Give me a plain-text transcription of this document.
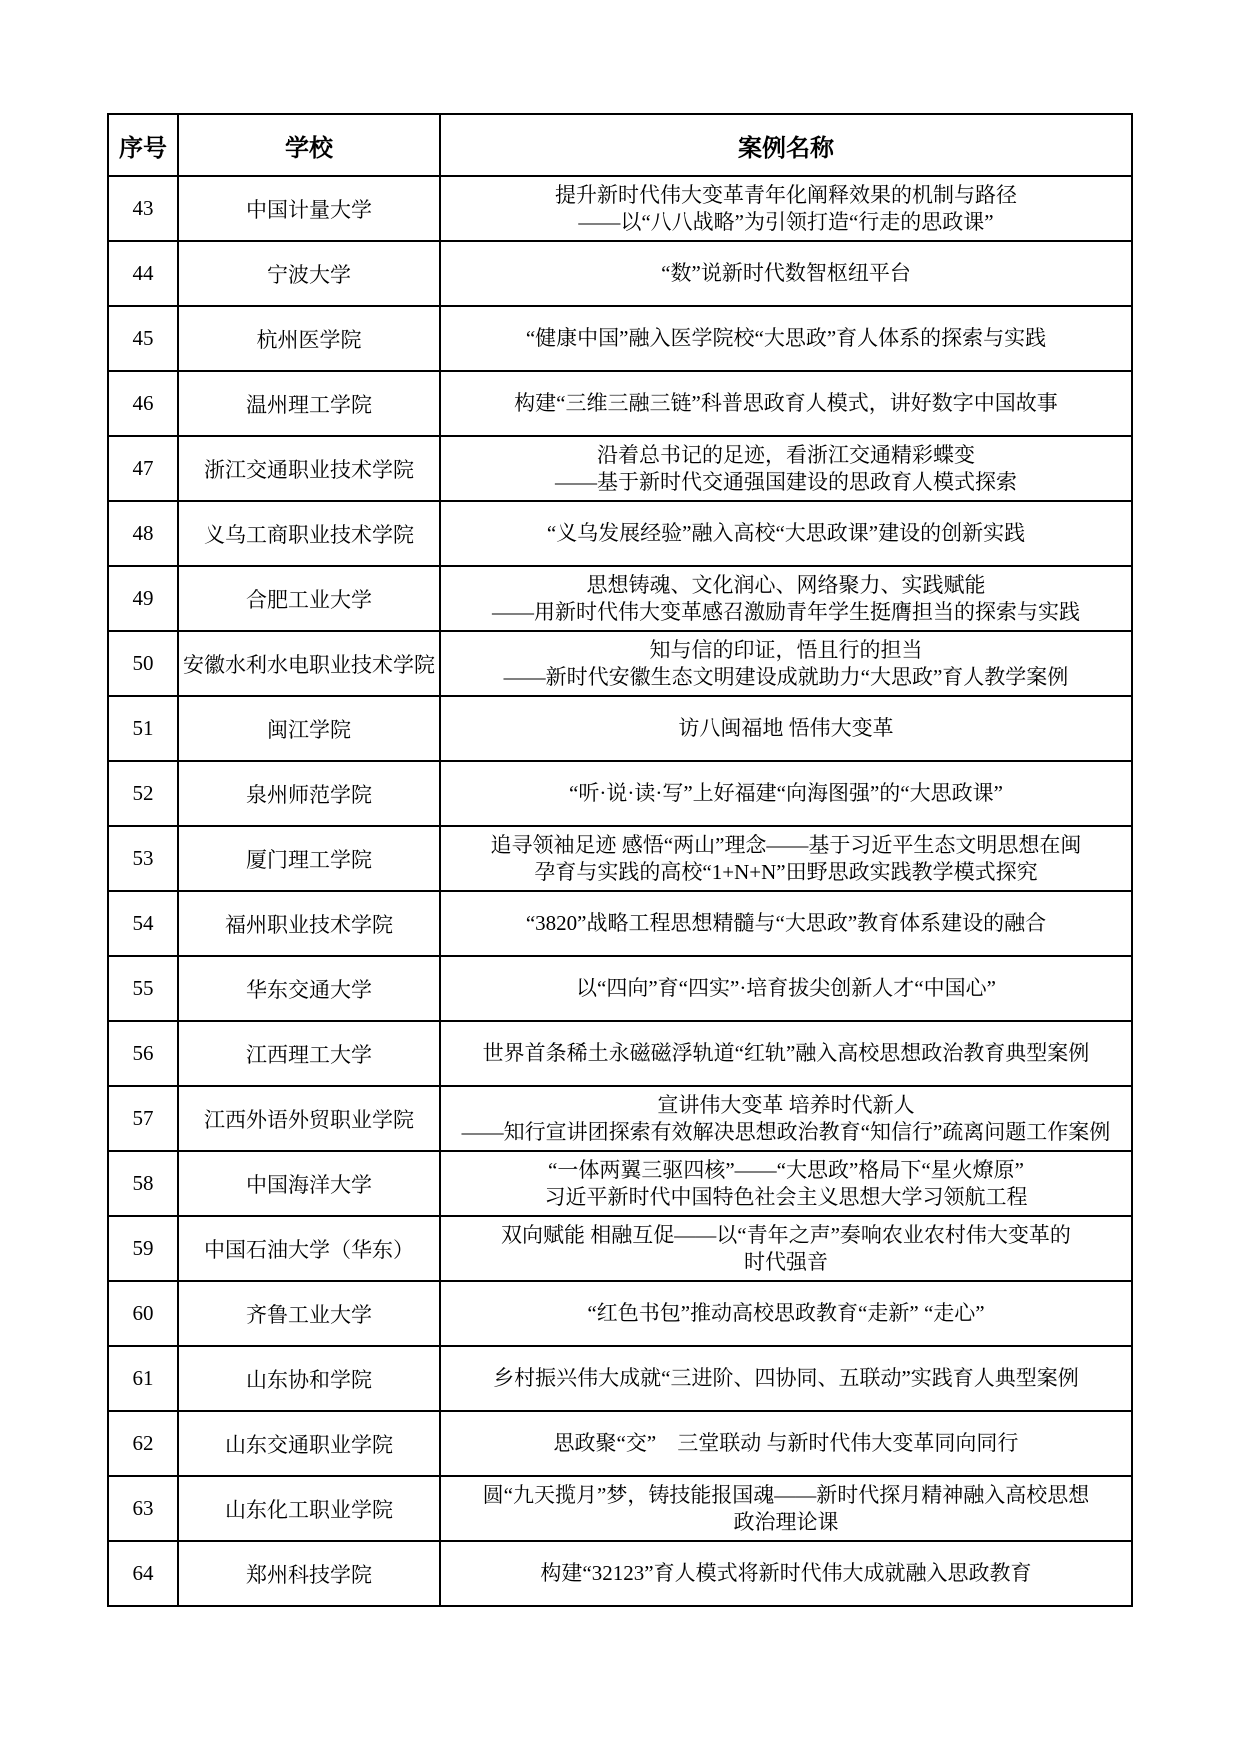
序号	学校	案例名称
43	中国计量大学	提升新时代伟大变革青年化阐释效果的机制与路径
——以“八八战略”为引领打造“行走的思政课”

44	宁波大学	“数”说新时代数智枢纽平台

45	杭州医学院	“健康中国”融入医学院校“大思政”育人体系的探索与实践

46	温州理工学院	构建“三维三融三链”科普思政育人模式，讲好数字中国故事

47	浙江交通职业技术学院	沿着总书记的足迹，看浙江交通精彩蝶变
——基于新时代交通强国建设的思政育人模式探索

48	义乌工商职业技术学院	“义乌发展经验”融入高校“大思政课”建设的创新实践

49	合肥工业大学	思想铸魂、文化润心、网络聚力、实践赋能
——用新时代伟大变革感召激励青年学生挺膺担当的探索与实践

50	安徽水利水电职业技术学院	知与信的印证，悟且行的担当
——新时代安徽生态文明建设成就助力“大思政”育人教学案例

51	闽江学院	访八闽福地 悟伟大变革

52	泉州师范学院	“听·说·读·写”上好福建“向海图强”的“大思政课”

53	厦门理工学院	追寻领袖足迹 感悟“两山”理念——基于习近平生态文明思想在闽
孕育与实践的高校“1+N+N”田野思政实践教学模式探究

54	福州职业技术学院	“3820”战略工程思想精髓与“大思政”教育体系建设的融合

55	华东交通大学	以“四向”育“四实”·培育拔尖创新人才“中国心”

56	江西理工大学	世界首条稀土永磁磁浮轨道“红轨”融入高校思想政治教育典型案例

57	江西外语外贸职业学院	宣讲伟大变革 培养时代新人
——知行宣讲团探索有效解决思想政治教育“知信行”疏离问题工作案例

58	中国海洋大学	“一体两翼三驱四核”——“大思政”格局下“星火燎原”
习近平新时代中国特色社会主义思想大学习领航工程

59	中国石油大学（华东）	双向赋能 相融互促——以“青年之声”奏响农业农村伟大变革的
时代强音

60	齐鲁工业大学	“红色书包”推动高校思政教育“走新” “走心”

61	山东协和学院	乡村振兴伟大成就“三进阶、四协同、五联动”实践育人典型案例

62	山东交通职业学院	思政聚“交”　三堂联动 与新时代伟大变革同向同行

63	山东化工职业学院	圆“九天揽月”梦，铸技能报国魂——新时代探月精神融入高校思想
政治理论课

64	郑州科技学院	构建“32123”育人模式将新时代伟大成就融入思政教育
